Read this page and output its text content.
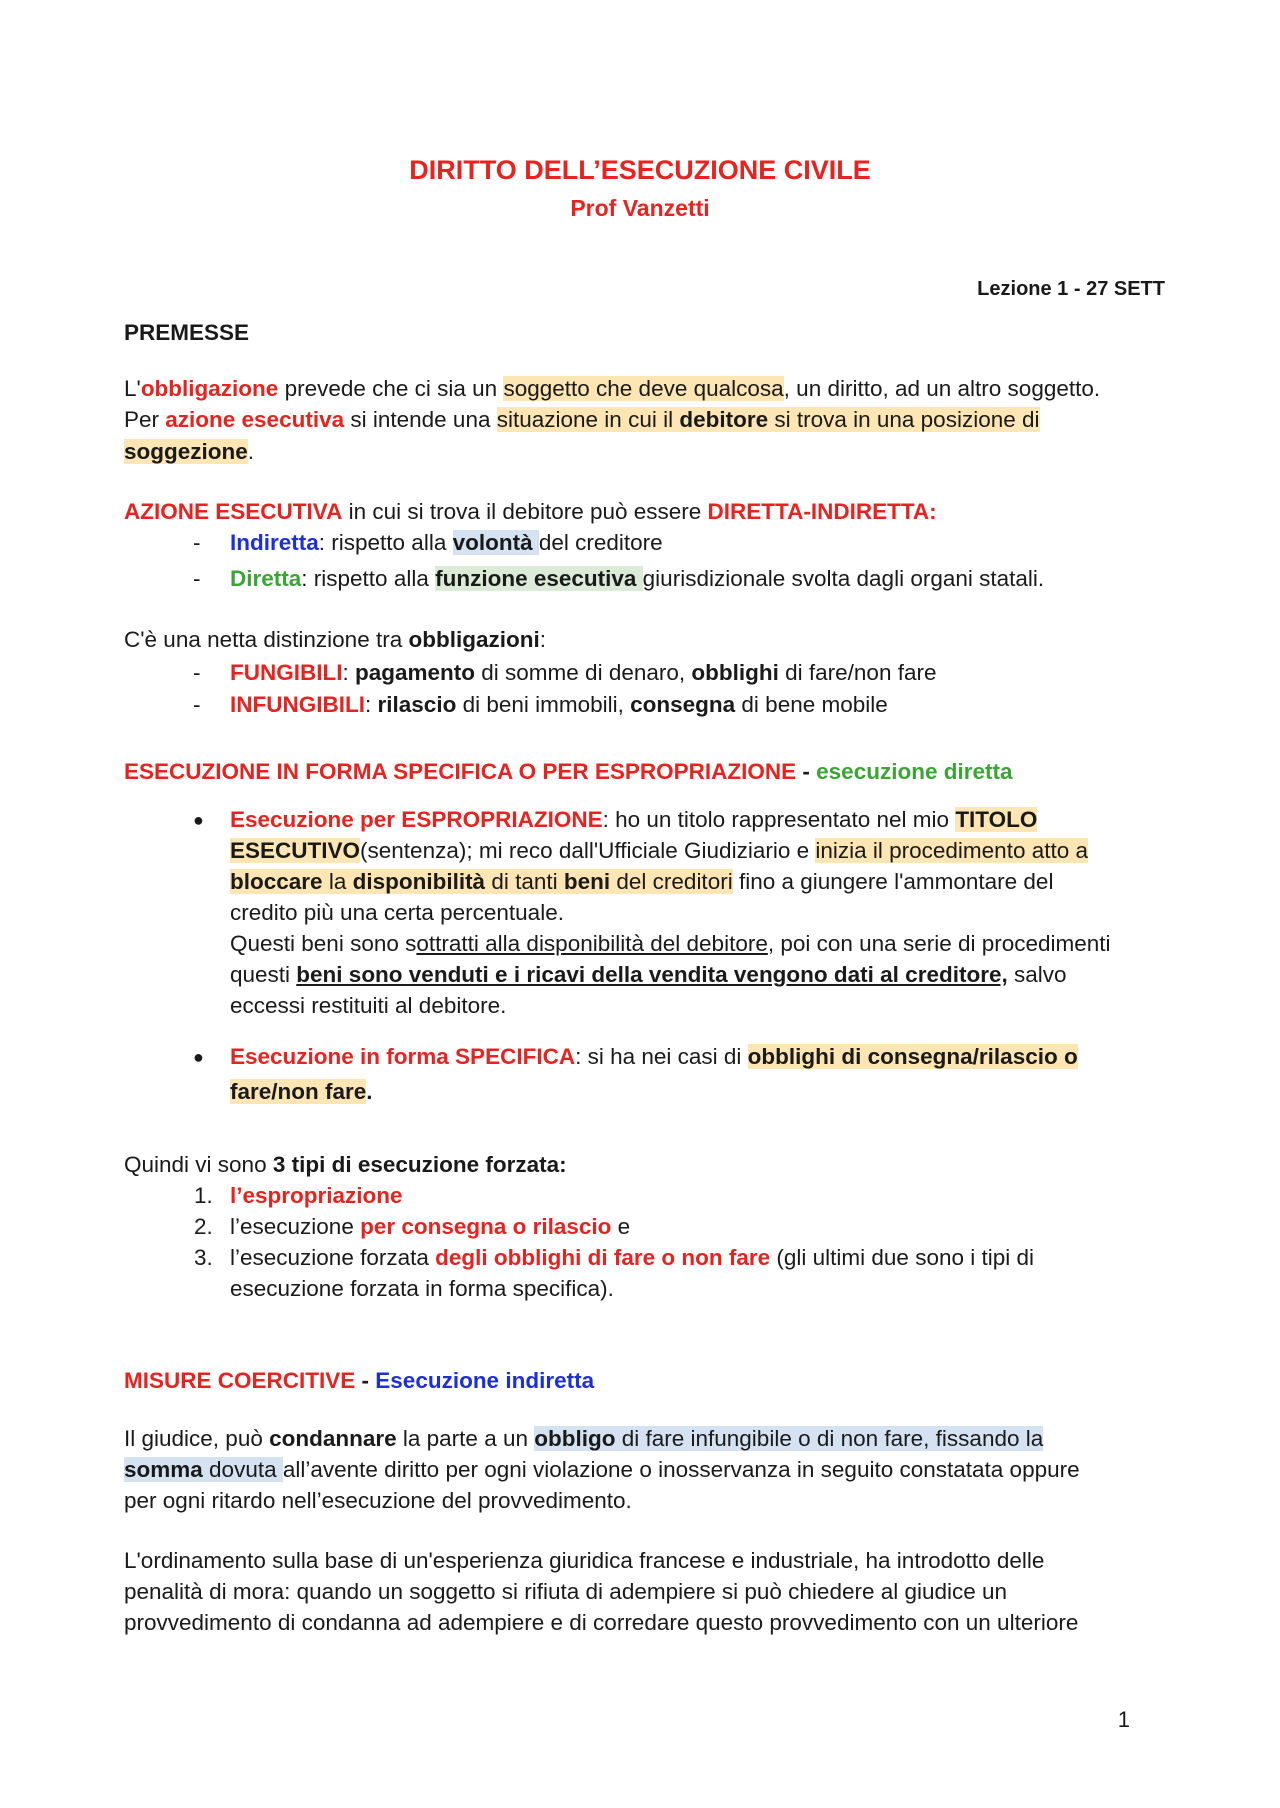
DIRITTO DELL’ESECUZIONE CIVILE
Prof Vanzetti
Lezione 1 - 27 SETT
PREMESSE
L'obbligazione prevede che ci sia un soggetto che deve qualcosa, un diritto, ad un altro soggetto.
Per azione esecutiva si intende una situazione in cui il debitore si trova in una posizione di
soggezione.
AZIONE ESECUTIVA in cui si trova il debitore può essere DIRETTA-INDIRETTA:
- Indiretta: rispetto alla volontà del creditore
- Diretta: rispetto alla funzione esecutiva giurisdizionale svolta dagli organi statali.
C'è una netta distinzione tra obbligazioni:
- FUNGIBILI: pagamento di somme di denaro, obblighi di fare/non fare
- INFUNGIBILI: rilascio di beni immobili, consegna di bene mobile
ESECUZIONE IN FORMA SPECIFICA O PER ESPROPRIAZIONE - esecuzione diretta
● Esecuzione per ESPROPRIAZIONE: ho un titolo rappresentato nel mio TITOLO
ESECUTIVO(sentenza); mi reco dall'Ufficiale Giudiziario e inizia il procedimento atto a
bloccare la disponibilità di tanti beni del creditori fino a giungere l'ammontare del
credito più una certa percentuale.
Questi beni sono sottratti alla disponibilità del debitore, poi con una serie di procedimenti
questi beni sono venduti e i ricavi della vendita vengono dati al creditore, salvo
eccessi restituiti al debitore.
● Esecuzione in forma SPECIFICA: si ha nei casi di obblighi di consegna/rilascio o
fare/non fare.
Quindi vi sono 3 tipi di esecuzione forzata:
1. l’espropriazione
2. l’esecuzione per consegna o rilascio e
3. l’esecuzione forzata degli obblighi di fare o non fare (gli ultimi due sono i tipi di
esecuzione forzata in forma specifica).
MISURE COERCITIVE - Esecuzione indiretta
Il giudice, può condannare la parte a un obbligo di fare infungibile o di non fare, fissando la
somma dovuta all’avente diritto per ogni violazione o inosservanza in seguito constatata oppure
per ogni ritardo nell’esecuzione del provvedimento.
L'ordinamento sulla base di un'esperienza giuridica francese e industriale, ha introdotto delle
penalità di mora: quando un soggetto si rifiuta di adempiere si può chiedere al giudice un
provvedimento di condanna ad adempiere e di corredare questo provvedimento con un ulteriore
1
